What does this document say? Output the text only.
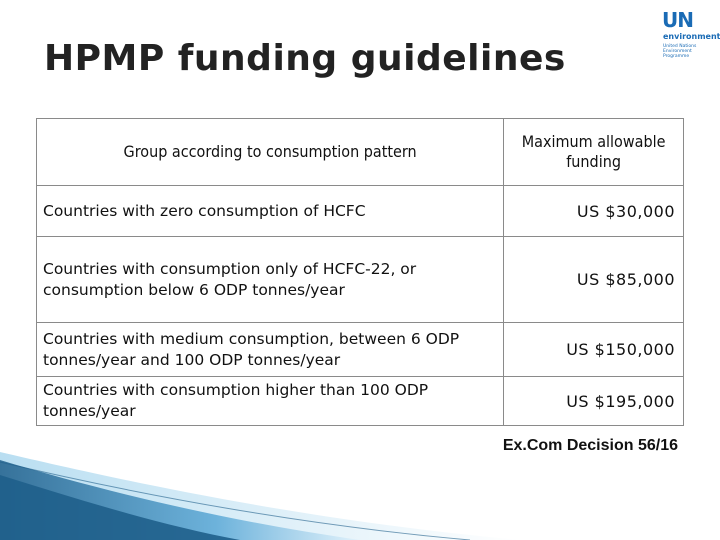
HPMP funding guidelines
UN
environment
United Nations Environment Programme
Group according to consumption pattern	Maximum allowable funding
Countries with zero consumption of HCFC	US $30,000
Countries with consumption only of HCFC-22, or consumption below 6 ODP tonnes/year	US $85,000
Countries with medium consumption, between 6 ODP tonnes/year and 100 ODP tonnes/year	US $150,000
Countries with consumption higher than 100 ODP tonnes/year	US $195,000
Ex.Com Decision 56/16
